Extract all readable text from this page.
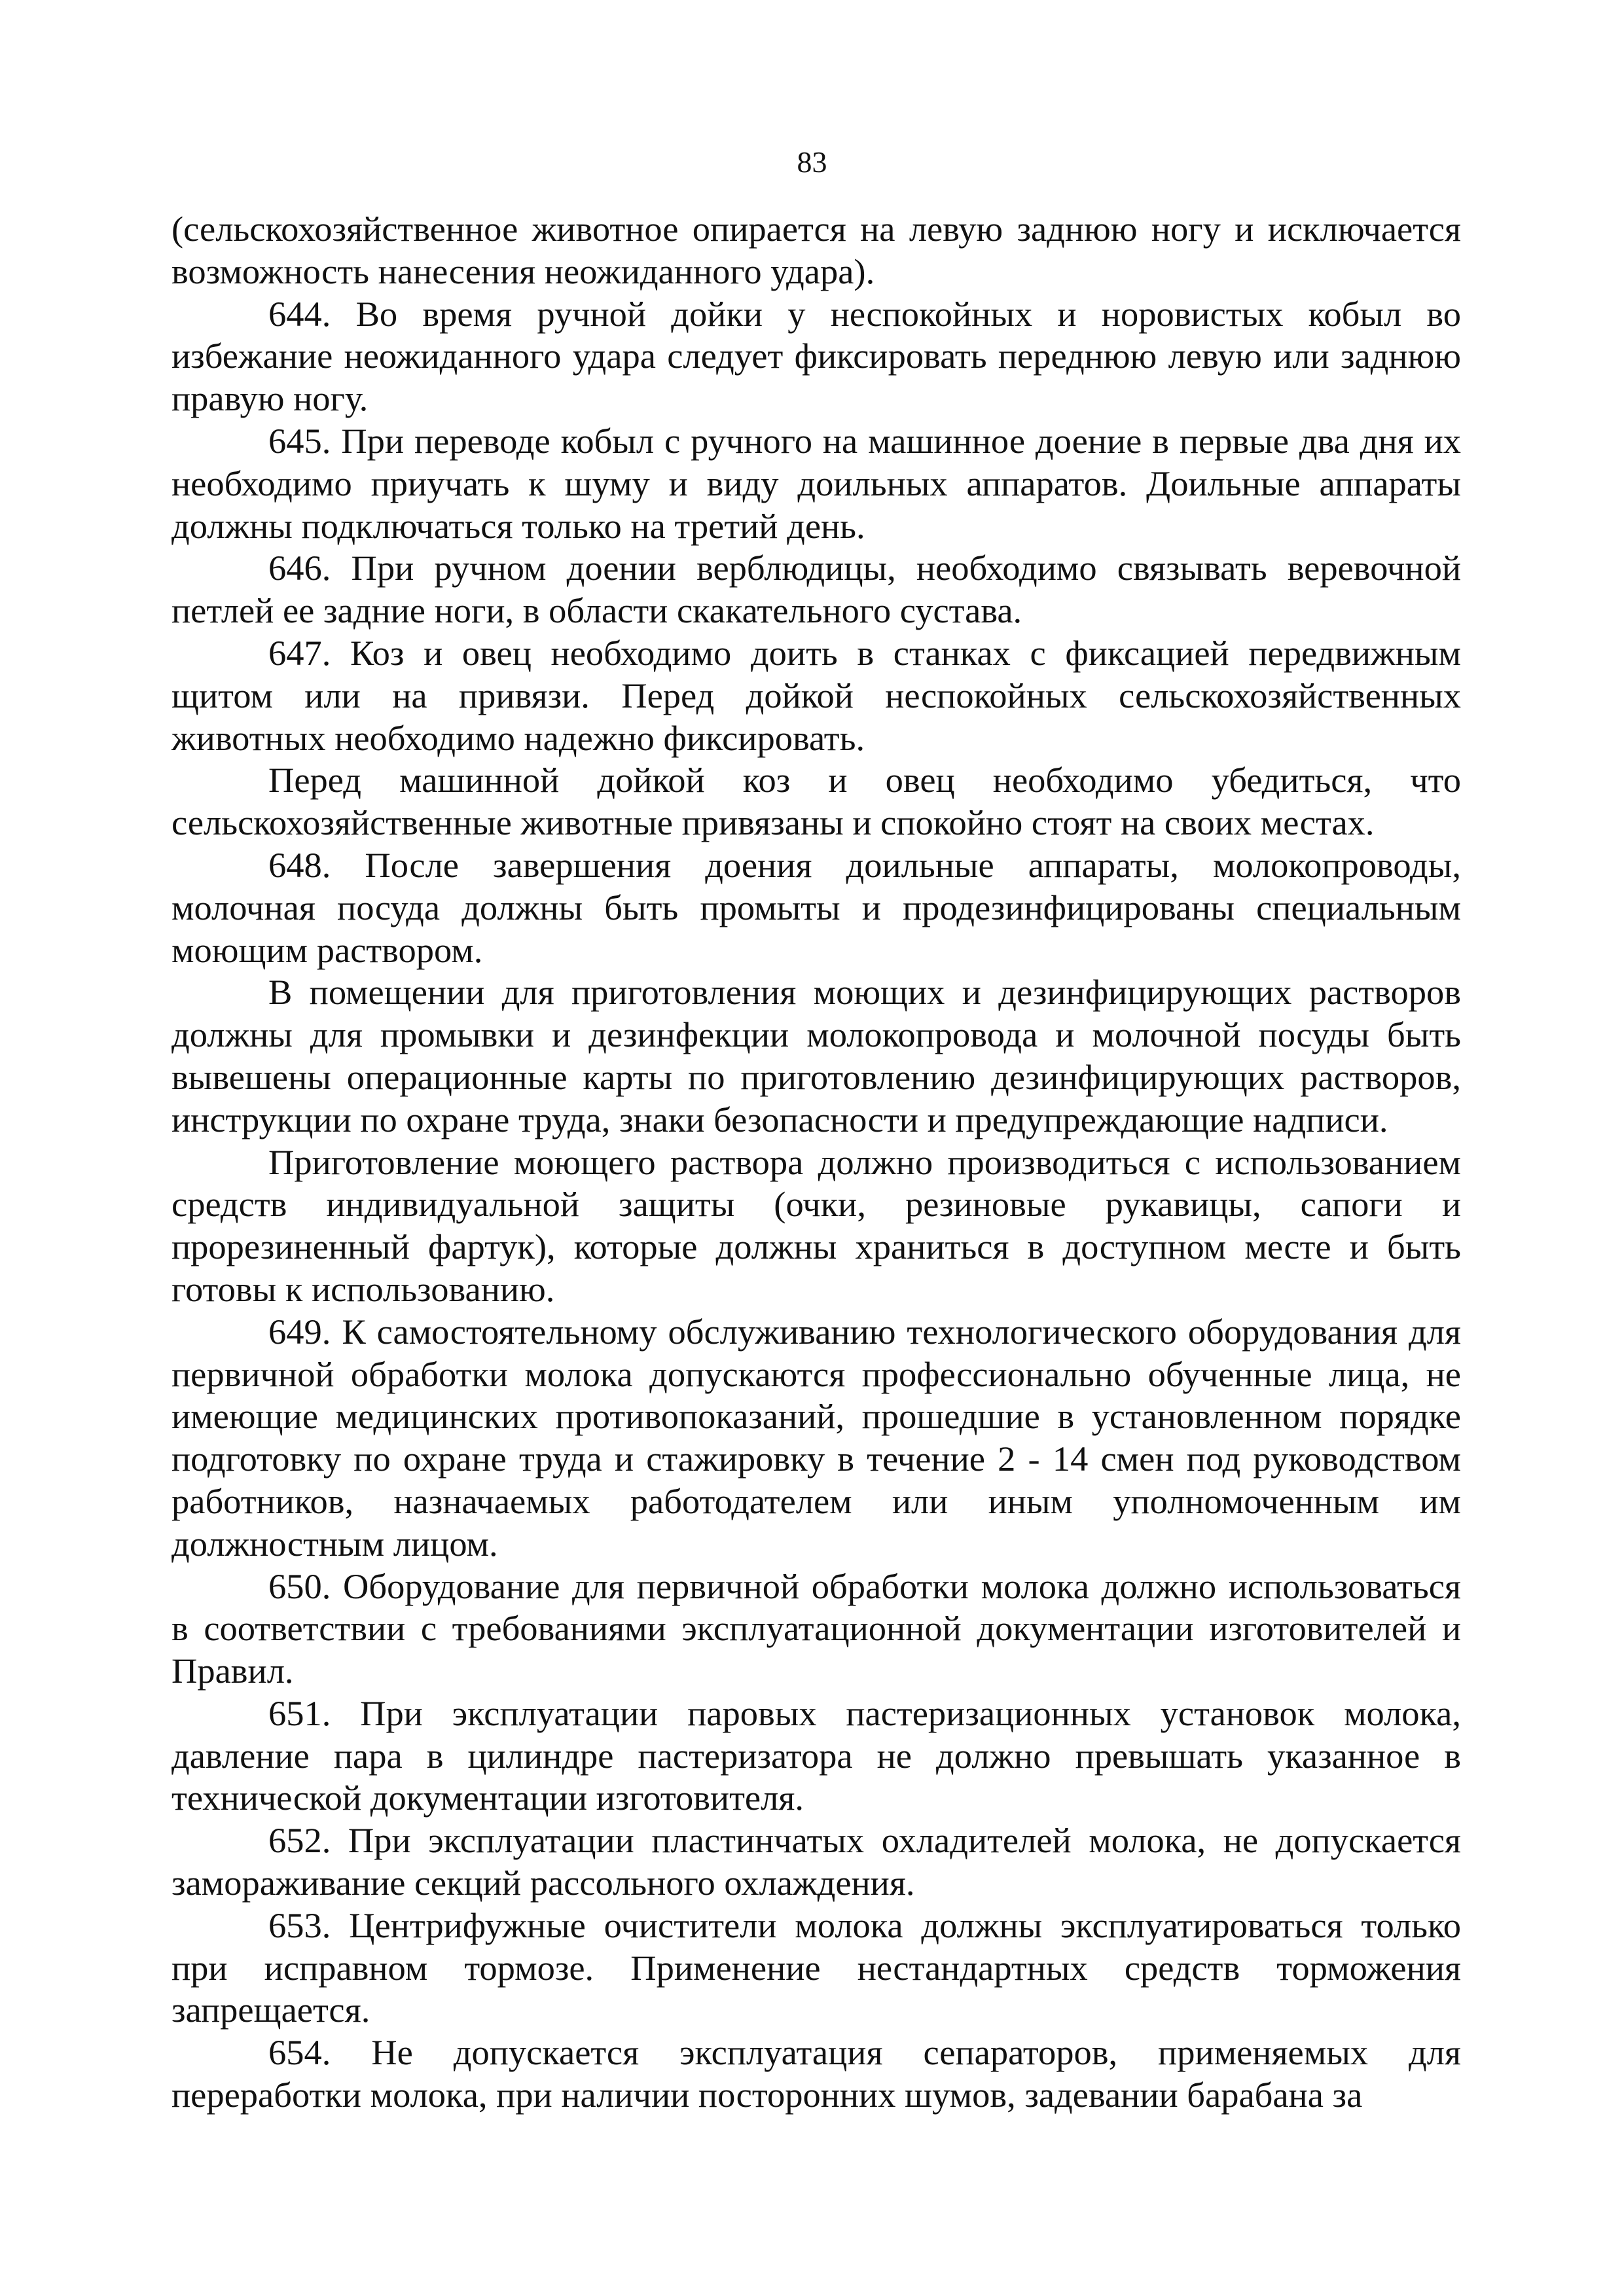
83

(сельскохозяйственное животное опирается на левую заднюю ногу и исключается возможность нанесения неожиданного удара).

644. Во время ручной дойки у неспокойных и норовистых кобыл во избежание неожиданного удара следует фиксировать переднюю левую или заднюю правую ногу.

645. При переводе кобыл с ручного на машинное доение в первые два дня их необходимо приучать к шуму и виду доильных аппаратов. Доильные аппараты должны подключаться только на третий день.

646. При ручном доении верблюдицы, необходимо связывать веревочной петлей ее задние ноги, в области скакательного сустава.

647. Коз и овец необходимо доить в станках с фиксацией передвижным щитом или на привязи. Перед дойкой неспокойных сельскохозяйственных животных необходимо надежно фиксировать.

Перед машинной дойкой коз и овец необходимо убедиться, что сельскохозяйственные животные привязаны и спокойно стоят на своих местах.

648. После завершения доения доильные аппараты, молокопроводы, молочная посуда должны быть промыты и продезинфицированы специальным моющим раствором.

В помещении для приготовления моющих и дезинфицирующих растворов должны для промывки и дезинфекции молокопровода и молочной посуды быть вывешены операционные карты по приготовлению дезинфицирующих растворов, инструкции по охране труда, знаки безопасности и предупреждающие надписи.

Приготовление моющего раствора должно производиться с использованием средств индивидуальной защиты (очки, резиновые рукавицы, сапоги и прорезиненный фартук), которые должны храниться в доступном месте и быть готовы к использованию.

649. К самостоятельному обслуживанию технологического оборудования для первичной обработки молока допускаются профессионально обученные лица, не имеющие медицинских противопоказаний, прошедшие в установленном порядке подготовку по охране труда и стажировку в течение 2 - 14 смен под руководством работников, назначаемых работодателем или иным уполномоченным им должностным лицом.

650. Оборудование для первичной обработки молока должно использоваться в соответствии с требованиями эксплуатационной документации изготовителей и Правил.

651. При эксплуатации паровых пастеризационных установок молока, давление пара в цилиндре пастеризатора не должно превышать указанное в технической документации изготовителя.

652. При эксплуатации пластинчатых охладителей молока, не допускается замораживание секций рассольного охлаждения.

653. Центрифужные очистители молока должны эксплуатироваться только при исправном тормозе. Применение нестандартных средств торможения запрещается.

654. Не допускается эксплуатация сепараторов, применяемых для переработки молока, при наличии посторонних шумов, задевании барабана за
